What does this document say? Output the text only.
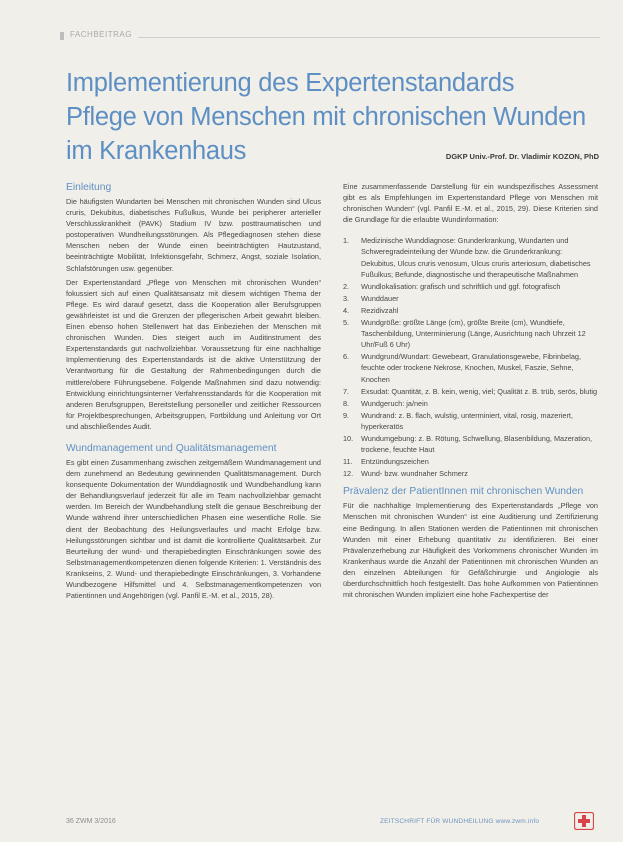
FACHBEITRAG
Implementierung des Expertenstandards Pflege von Menschen mit chronischen Wunden im Krankenhaus	DGKP Univ.-Prof. Dr. Vladimir KOZON, PhD
Einleitung

Die häufigsten Wundarten bei Menschen mit chronischen Wunden sind Ulcus cruris, Dekubitus, diabetisches Fußulkus, Wunde bei peripherer arterieller Verschlusskrankheit (PAVK) Stadium IV bzw. posttraumatischen und postoperativen Wundheilungsstörungen. Als Pflegediagnosen stehen diese Menschen neben der Wunde einen beeinträchtigten Hautzustand, beeinträchtigte Mobilität, Infektionsgefahr, Schmerz, Angst, soziale Isolation, Schlafstörungen usw. gegenüber.

Der Expertenstandard „Pflege von Menschen mit chronischen Wunden“ fokussiert sich auf einen Qualitätsansatz mit diesem wichtigen Thema der Pflege. Es wird darauf gesetzt, dass die Kooperation aller Berufsgruppen gewährleistet ist und die Grenzen der pflegerischen Arbeit gewahrt bleiben. Einen ebenso hohen Stellenwert hat das Einbeziehen der Menschen mit chronischen Wunden. Dies steigert auch im Auditinstrument des Expertenstandards gut nachvollziehbar. Voraussetzung für eine nachhaltige Implementierung des Expertenstandards ist die aktive Unterstützung der Verantwortung für die Gestaltung der Rahmenbedingungen durch die mittlere/obere Führungsebene. Folgende Maßnahmen sind dazu notwendig: Entwicklung einrichtungsinterner Verfahrensstandards für die Kooperation mit anderen Berufsgruppen, Bereitstellung personeller und zeitlicher Ressourcen für Projektbesprechungen, Arbeitsgruppen, Fortbildung und Anleitung vor Ort und abschließendes Audit.

Wundmanagement und Qualitätsmanagement

Es gibt einen Zusammenhang zwischen zeitgemäßem Wundmanagement und dem zunehmend an Bedeutung gewinnenden Qualitätsmanagement. Durch konsequente Dokumentation der Wunddiagnostik und Wundbehandlung kann der Behandlungsverlauf jederzeit für alle im Team nachvollziehbar gemacht werden. Im Bereich der Wundbehandlung stellt die genaue Beschreibung der Wunde während ihrer unterschiedlichen Phasen eine wesentliche Rolle. Sie dient der Beobachtung des Heilungsverlaufes und macht Erfolge bzw. Heilungsstörungen sichtbar und ist damit die kontrollierte Qualitätsarbeit. Zur Beurteilung der wund- und therapiebedingten Einschränkungen sowie des Selbstmanagementkompetenzen dienen folgende Kriterien: 1. Verständnis des Krankseins, 2. Wund- und therapiebedingte Einschränkungen, 3. Vorhandene Wundbezogene Hilfsmittel und 4. Selbstmanagementkompetenzen von Patientinnen und Angehörigen (vgl. Panfil E.-M. et al., 2015, 28).

Eine zusammenfassende Darstellung für ein wundspezifisches Assessment gibt es als Empfehlungen im Expertenstandard Pflege von Menschen mit chronischen Wunden“ (vgl. Panfil E.-M. et al., 2015, 29). Diese Kriterien sind die Grundlage für die erlaubte Wundinformation:

1. Medizinische Wunddiagnose: Grunderkrankung, Wundarten und Schweregradeinteilung der Wunde bzw. die Grunderkrankung: Dekubitus, Ulcus cruris venosum, Ulcus cruris arteriosum, diabetisches Fußulkus; Befunde, diagnostische und therapeutische Maßnahmen
2. Wundlokalisation: grafisch und schriftlich und ggf. fotografisch
3. Wunddauer
4. Rezidivzahl
5. Wundgröße: größte Länge (cm), größte Breite (cm), Wundtiefe, Taschenbildung, Unterminierung (Länge, Ausrichtung nach Uhrzeit 12 Uhr/Fuß 6 Uhr)
6. Wundgrund/Wundart: Gewebeart, Granulationsgewebe, Fibrinbelag, feuchte oder trockene Nekrose, Knochen, Muskel, Faszie, Sehne, Knochen
7. Exsudat: Quantität, z. B. kein, wenig, viel; Qualität z. B. trüb, serös, blutig
8. Wundgeruch: ja/nein
9. Wundrand: z. B. flach, wulstig, unterminiert, vital, rosig, mazeriert, hyperkeratös
10. Wundumgebung: z. B. Rötung, Schwellung, Blasenbildung, Mazeration, trockene, feuchte Haut
11. Entzündungszeichen
12. Wund- bzw. wundnaher Schmerz
Prävalenz der PatientInnen mit chronischen Wunden

Für die nachhaltige Implementierung des Expertenstandards „Pflege von Menschen mit chronischen Wunden“ ist eine Auditierung und Zertifizierung eine Bedingung. In allen Stationen werden die Patientinnen mit chronischen Wunden mit einer Erhebung quantitativ zu identifizieren. Bei einer Prävalenzerhebung zur Häufigkeit des Vorkommens chronischer Wunden im Krankenhaus wurde die Anzahl der Patientinnen mit chronischen Wunden an den einzelnen Abteilungen für Gefäßchirurgie und Angiologie als überdurchschnittlich hoch festgestellt. Das hohe Aufkommen von Patientinnen mit chronischen Wunden impliziert eine hohe Fachexpertise der

36 ZWM 3/2016	ZEITSCHRIFT FÜR WUNDHEILUNG www.zwm.info
